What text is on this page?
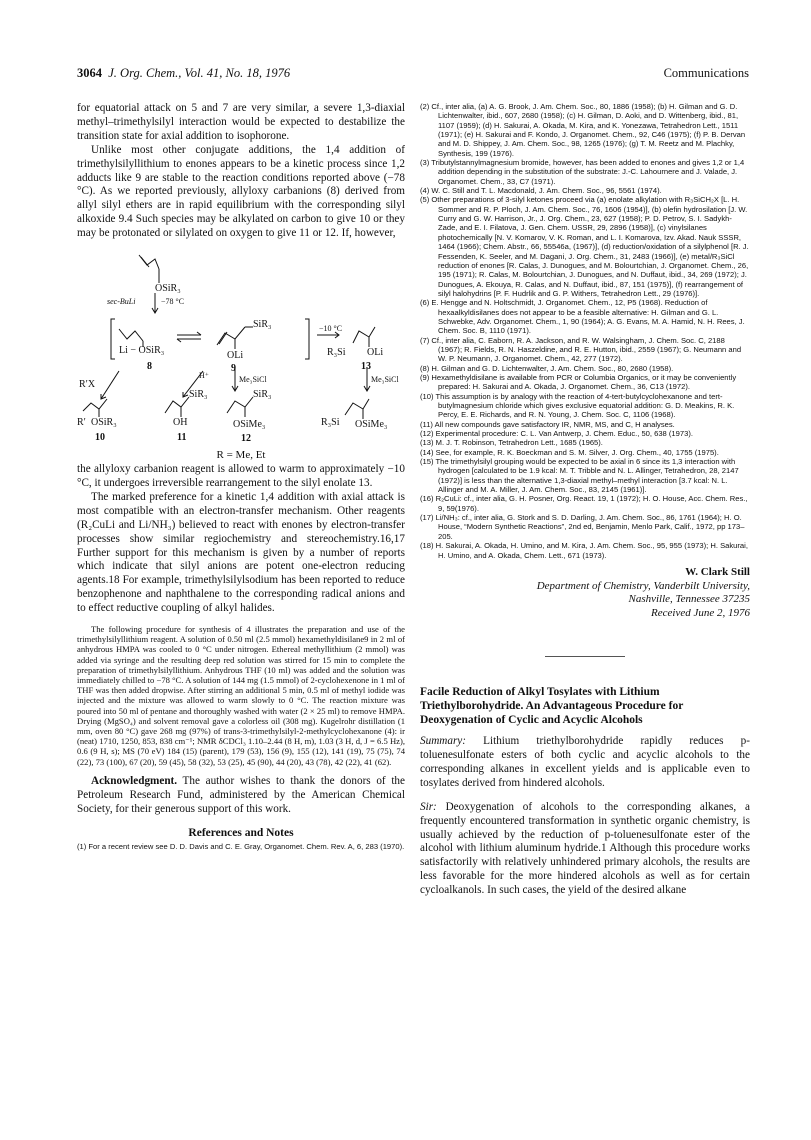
3064 J. Org. Chem., Vol. 41, No. 18, 1976	Communications

for equatorial attack on 5 and 7 are very similar, a severe 1,3-diaxial methyl–trimethylsilyl interaction would be expected to destabilize the transition state for axial addition to isophorone.

Unlike most other conjugate additions, the 1,4 addition of trimethylsilyllithium to enones appears to be a kinetic process since 1,2 adducts like 9 are stable to the reaction conditions reported above (−78 °C). As we reported previously, allyloxy carbanions (8) derived from allyl silyl ethers are in rapid equilibrium with the corresponding silyl alkoxide 9.4 Such species may be alkylated on carbon to give 10 or they may be protonated or silylated on oxygen to give 11 or 12. If, however,

OSiR₃
sec-BuLi	−78 °C
Li − OSiR₃	OLi
SiR₃	−10 °C
R₃Si OLi
8	9	13
R′X
H⁺	Me₃SiCl	Me₃SiCl
SiR₃	SiR₃
R′ OSiR₃	OH	OSiMe₃	R₃Si OSiMe₃
10	11	12
R = Me, Et

the allyloxy carbanion reagent is allowed to warm to approximately −10 °C, it undergoes irreversible rearrangement to the silyl enolate 13.

The marked preference for a kinetic 1,4 addition with axial attack is most compatible with an electron-transfer mechanism. Other reagents (R₂CuLi and Li/NH₃) believed to react with enones by electron-transfer processes show similar regiochemistry and stereochemistry.16,17 Further support for this mechanism is given by a number of reports which indicate that silyl anions are potent one-electron reducing agents.18 For example, trimethylsilylsodium has been reported to reduce benzophenone and naphthalene to the corresponding radical anions and to effect reductive coupling of alkyl halides.

The following procedure for synthesis of 4 illustrates the preparation and use of the trimethylsilyllithium reagent. A solution of 0.50 ml (2.5 mmol) hexamethyldisilane9 in 2 ml of anhydrous HMPA was cooled to 0 °C under nitrogen. Ethereal methyllithium (2 mmol) was added via syringe and the resulting deep red solution was stirred for 15 min to complete the preparation of trimethylsilyllithium. Anhydrous THF (10 ml) was added and the solution was immediately chilled to −78 °C. A solution of 144 mg (1.5 mmol) of 2-cyclohexenone in 1 ml of THF was then added dropwise. After stirring an additional 5 min, 0.5 ml of methyl iodide was injected and the mixture was allowed to warm slowly to 0 °C. The reaction mixture was poured into 50 ml of pentane and thoroughly washed with water (2 × 25 ml) to remove HMPA. Drying (MgSO₄) and solvent removal gave a colorless oil (308 mg). Kugelrohr distillation (1 mm, oven 80 °C) gave 268 mg (97%) of trans-3-trimethylsilyl-2-methylcyclohexanone (4): ir (neat) 1710, 1250, 853, 838 cm⁻¹; NMR δCDCl₃ 1.10–2.44 (8 H, m), 1.03 (3 H, d, J = 6.5 Hz), 0.6 (9 H, s); MS (70 eV) 184 (15) (parent), 179 (53), 156 (9), 155 (12), 141 (19), 75 (75), 74 (22), 73 (100), 67 (20), 59 (45), 58 (32), 53 (25), 45 (90), 44 (20), 43 (78), 42 (22), 41 (62).

Acknowledgment. The author wishes to thank the donors of the Petroleum Research Fund, administered by the American Chemical Society, for their generous support of this work.

References and Notes

(1) For a recent review see D. D. Davis and C. E. Gray, Organomet. Chem. Rev. A, 6, 283 (1970).

(2) Cf., inter alia, (a) A. G. Brook, J. Am. Chem. Soc., 80, 1886 (1958); (b) H. Gilman and G. D. Lichtenwalter, ibid., 607, 2680 (1958); (c) H. Gilman, D. Aoki, and D. Wittenberg, ibid., 81, 1107 (1959); (d) H. Sakurai, A. Okada, M. Kira, and K. Yonezawa, Tetrahedron Lett., 1511 (1971); (e) H. Sakurai and F. Kondo, J. Organomet. Chem., 92, C46 (1975); (f) P. B. Dervan and M. D. Shippey, J. Am. Chem. Soc., 98, 1265 (1976); (g) T. M. Reetz and M. Plachky, Synthesis, 199 (1976).

(3) Tributylstannylmagnesium bromide, however, has been added to enones and gives 1,2 or 1,4 addition depending in the substitution of the substrate: J.-C. Lahournere and J. Valade, J. Organomet. Chem., 33, C7 (1971).

(4) W. C. Still and T. L. Macdonald, J. Am. Chem. Soc., 96, 5561 (1974).

(5) Other preparations of 3-silyl ketones proceed via (a) enolate alkylation with R₃SiCH₂X [L. H. Sommer and R. P. Ploch, J. Am. Chem. Soc., 76, 1606 (1954)], (b) olefin hydrosilation [J. W. Curry and G. W. Harrison, Jr., J. Org. Chem., 23, 627 (1958); P. D. Petrov, S. I. Sadykh-Zade, and E. I. Filatova, J. Gen. Chem. USSR, 29, 2896 (1958)], (c) vinylsilanes photochemically [N. V. Komarov, V. K. Roman, and L. I. Komarova, Izv. Akad. Nauk SSSR, 1464 (1966); Chem. Abstr., 66, 55546a, (1967)], (d) reduction/oxidation of a silylphenol [R. J. Fessenden, K. Seeler, and M. Dagani, J. Org. Chem., 31, 2483 (1966)], (e) metal/R₃SiCl reduction of enones [R. Calas, J. Dunogues, and M. Bolourtchian, J. Organomet. Chem., 26, 195 (1971); R. Calas, M. Bolourtchian, J. Dunogues, and N. Duffaut, ibid., 34, 269 (1972); J. Dunogues, A. Ekouya, R. Calas, and N. Duffaut, ibid., 87, 151 (1975)], (f) rearrangement of silyl halohydrins [P. F. Hudrlik and G. P. Withers, Tetrahedron Lett., 29 (1976)].

(6) E. Hengge and N. Holtschmidt, J. Organomet. Chem., 12, P5 (1968). Reduction of hexaalkyldisilanes does not appear to be a feasible alternative: H. Gilman and G. L. Schwebke, Adv. Organomet. Chem., 1, 90 (1964); A. G. Evans, M. A. Hamid, N. H. Rees, J. Chem. Soc. B, 1110 (1971).

(7) Cf., inter alia, C. Eaborn, R. A. Jackson, and R. W. Walsingham, J. Chem. Soc. C, 2188 (1967); R. Fields, R. N. Haszeldine, and R. E. Hutton, ibid., 2559 (1967); G. Neumann and W. P. Neumann, J. Organomet. Chem., 42, 277 (1972).

(8) H. Gilman and G. D. Lichtenwalter, J. Am. Chem. Soc., 80, 2680 (1958).

(9) Hexamethyldisilane is available from PCR or Columbia Organics, or it may be conveniently prepared: H. Sakurai and A. Okada, J. Organomet. Chem., 36, C13 (1972).

(10) This assumption is by analogy with the reaction of 4-tert-butylcyclohexanone and tert-butylmagnesium chloride which gives exclusive equatorial addition: G. D. Meakins, R. K. Percy, E. E. Richards, and R. N. Young, J. Chem. Soc. C, 1106 (1968).

(11) All new compounds gave satisfactory IR, NMR, MS, and C, H analyses.

(12) Experimental procedure: C. L. Van Antwerp, J. Chem. Educ., 50, 638 (1973).

(13) M. J. T. Robinson, Tetrahedron Lett., 1685 (1965).

(14) See, for example, R. K. Boeckman and S. M. Silver, J. Org. Chem., 40, 1755 (1975).

(15) The trimethylsilyl grouping would be expected to be axial in 6 since its 1,3 interaction with hydrogen [calculated to be 1.9 kcal: M. T. Tribble and N. L. Allinger, Tetrahedron, 28, 2147 (1972)] is less than the alternative 1,3-diaxial methyl–methyl interaction [3.7 kcal: N. L. Allinger and M. A. Miller, J. Am. Chem. Soc., 83, 2145 (1961)].

(16) R₂CuLi: cf., inter alia, G. H. Posner, Org. React. 19, 1 (1972); H. O. House, Acc. Chem. Res., 9, 59(1976).

(17) Li/NH₃: cf., inter alia, G. Stork and S. D. Darling, J. Am. Chem. Soc., 86, 1761 (1964); H. O. House, “Modern Synthetic Reactions”, 2nd ed, Benjamin, Menlo Park, Calif., 1972, pp 173–205.

(18) H. Sakurai, A. Okada, H. Umino, and M. Kira, J. Am. Chem. Soc., 95, 955 (1973); H. Sakurai, H. Umino, and A. Okada, Chem. Lett., 671 (1973).

W. Clark Still
Department of Chemistry, Vanderbilt University,
Nashville, Tennessee 37235
Received June 2, 1976
Facile Reduction of Alkyl Tosylates with Lithium Triethylborohydride. An Advantageous Procedure for Deoxygenation of Cyclic and Acyclic Alcohols

Summary: Lithium triethylborohydride rapidly reduces p-toluenesulfonate esters of both cyclic and acyclic alcohols to the corresponding alkanes in excellent yields and is applicable even to tosylates derived from hindered alcohols.

Sir: Deoxygenation of alcohols to the corresponding alkanes, a frequently encountered transformation in synthetic organic chemistry, is usually achieved by the reduction of p-toluenesulfonate ester of the alcohol with lithium aluminum hydride.1 Although this procedure works satisfactorily with relatively unhindered primary alcohols, the results are less favorable for the more hindered alcohols as well as for certain cycloalkanols. In such cases, the yield of the desired alkane
